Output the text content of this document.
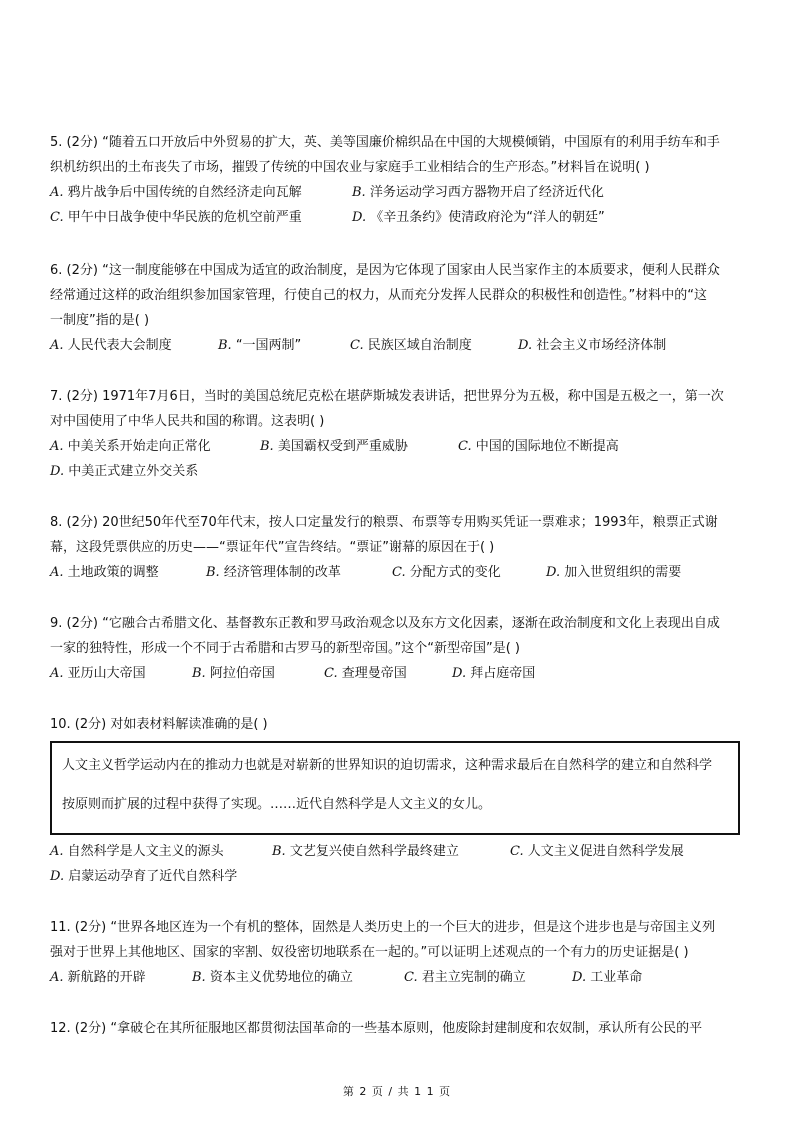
5. (2分) “随着五口开放后中外贸易的扩大，英、美等国廉价棉织品在中国的大规模倾销，中国原有的利用手纺车和手
织机纺织出的土布丧失了市场，摧毁了传统的中国农业与家庭手工业相结合的生产形态。”材料旨在说明( )
A. 鸦片战争后中国传统的自然经济走向瓦解	B. 洋务运动学习西方器物开启了经济近代化
C. 甲午中日战争使中华民族的危机空前严重	D. 《辛丑条约》使清政府沦为“洋人的朝廷”
6. (2分) “这一制度能够在中国成为适宜的政治制度，是因为它体现了国家由人民当家作主的本质要求，便利人民群众
经常通过这样的政治组织参加国家管理，行使自己的权力，从而充分发挥人民群众的积极性和创造性。”材料中的“这
一制度”指的是( )
A. 人民代表大会制度	B. “一国两制”	C. 民族区域自治制度	D. 社会主义市场经济体制
7. (2分) 1971年7月6日，当时的美国总统尼克松在堪萨斯城发表讲话，把世界分为五极，称中国是五极之一，第一次
对中国使用了中华人民共和国的称谓。这表明( )
A. 中美关系开始走向正常化	B. 美国霸权受到严重威胁	C. 中国的国际地位不断提高
D. 中美正式建立外交关系
8. (2分) 20世纪50年代至70年代末，按人口定量发行的粮票、布票等专用购买凭证一票难求；1993年，粮票正式谢
幕，这段凭票供应的历史——“票证年代”宣告终结。“票证”谢幕的原因在于( )
A. 土地政策的调整	B. 经济管理体制的改革	C. 分配方式的变化	D. 加入世贸组织的需要
9. (2分) “它融合古希腊文化、基督教东正教和罗马政治观念以及东方文化因素，逐渐在政治制度和文化上表现出自成
一家的独特性，形成一个不同于古希腊和古罗马的新型帝国。”这个“新型帝国”是( )
A. 亚历山大帝国	B. 阿拉伯帝国	C. 查理曼帝国	D. 拜占庭帝国
10. (2分) 对如表材料解读准确的是( )
人文主义哲学运动内在的推动力也就是对崭新的世界知识的迫切需求，这种需求最后在自然科学的建立和自然科学
按原则而扩展的过程中获得了实现。……近代自然科学是人文主义的女儿。
A. 自然科学是人文主义的源头	B. 文艺复兴使自然科学最终建立	C. 人文主义促进自然科学发展
D. 启蒙运动孕育了近代自然科学
11. (2分) “世界各地区连为一个有机的整体，固然是人类历史上的一个巨大的进步，但是这个进步也是与帝国主义列
强对于世界上其他地区、国家的宰割、奴役密切地联系在一起的。”可以证明上述观点的一个有力的历史证据是( )
A. 新航路的开辟	B. 资本主义优势地位的确立	C. 君主立宪制的确立	D. 工业革命
12. (2分) “拿破仑在其所征服地区都贯彻法国革命的一些基本原则，他废除封建制度和农奴制，承认所有公民的平
第 2 页 / 共 1 1 页
